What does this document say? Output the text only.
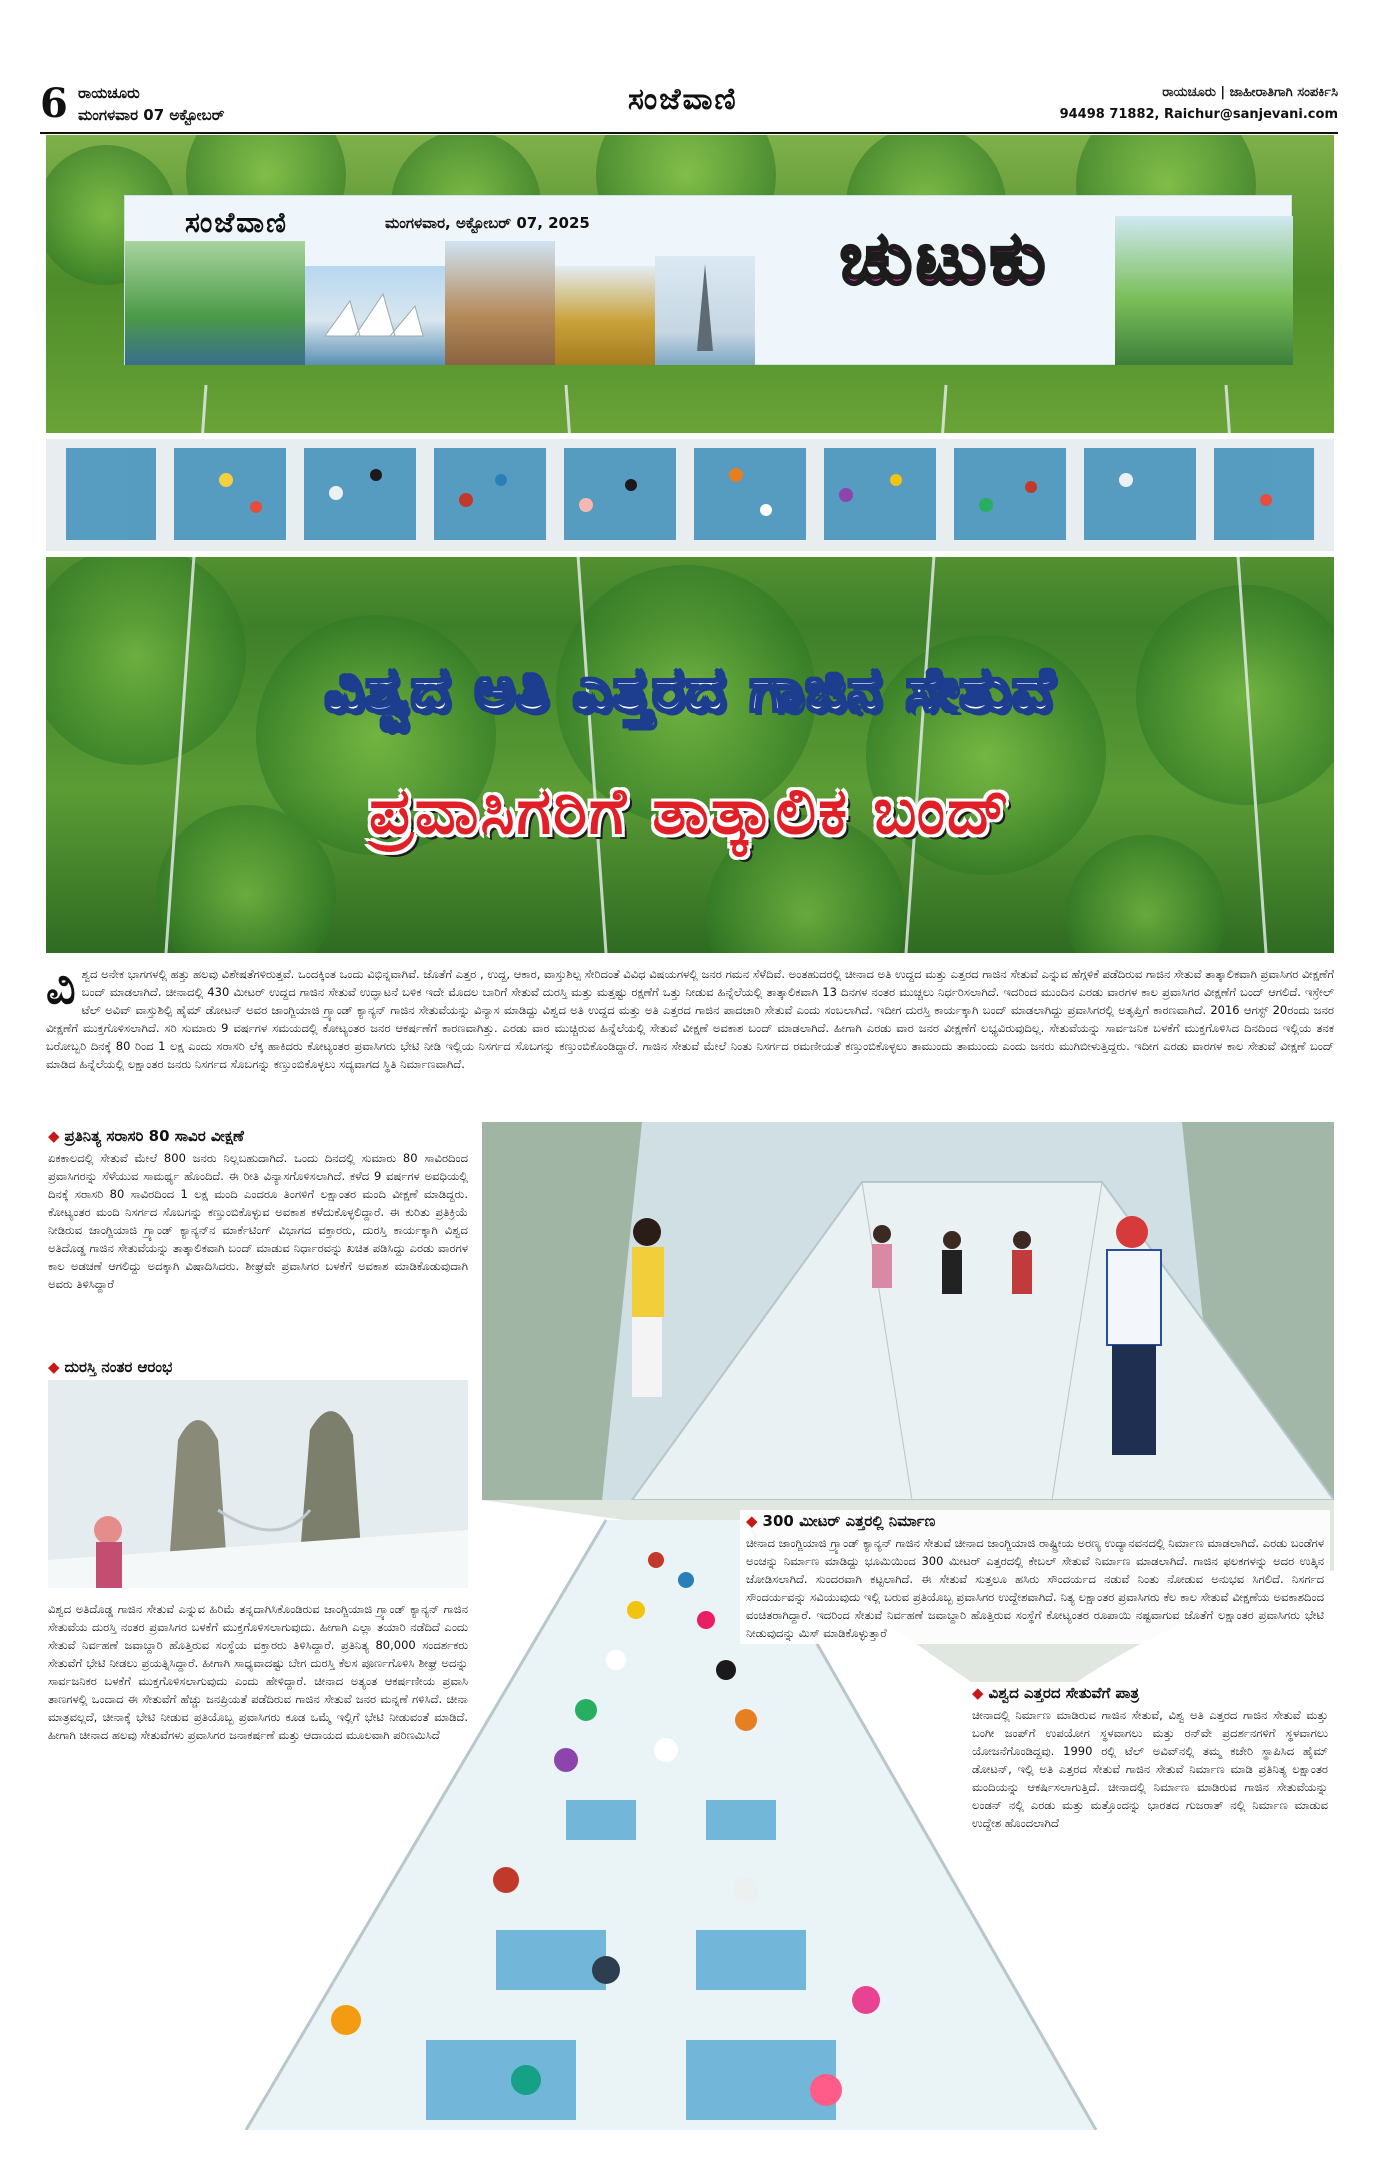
6 ರಾಯಚೂರು
ಮಂಗಳವಾರ 07 ಅಕ್ಟೋಬರ್	ಸಂಜೆವಾಣಿ	ರಾಯಚೂರು | ಜಾಹೀರಾತಿಗಾಗಿ ಸಂಪರ್ಕಿಸಿ
94498 71882, Raichur@sanjevani.com
ಸಂಜೆವಾಣಿ	ಮಂಗಳವಾರ, ಅಕ್ಟೋಬರ್ 07, 2025	ಚುಟುಕು
ವಿಶ್ವದ ಅತಿ ಎತ್ತರದ ಗಾಜಿನ ಸೇತುವೆ
ಪ್ರವಾಸಿಗರಿಗೆ ತಾತ್ಕಾಲಿಕ ಬಂದ್
ವಿ ಶ್ವದ ಅನೇಕ ಭಾಗಗಳಲ್ಲಿ ಹತ್ತು ಹಲವು ವಿಶೇಷತೆಗಳಿರುತ್ತವೆ. ಒಂದಕ್ಕಿಂತ ಒಂದು ವಿಭಿನ್ನವಾಗಿವೆ. ಜೊತೆಗೆ ಎತ್ತರ , ಉದ್ದ, ಆಕಾರ, ವಾಸ್ತುಶಿಲ್ಪ ಸೇರಿದಂತೆ ವಿವಿಧ ವಿಷಯಗಳಲ್ಲಿ ಜನರ ಗಮನ ಸೆಳೆದಿವೆ. ಅಂತಹುದರಲ್ಲಿ ಚೀನಾದ ಅತಿ ಉದ್ದದ ಮತ್ತು ಎತ್ತರದ ಗಾಜಿನ ಸೇತುವೆ ಎನ್ನುವ ಹೆಗ್ಗಳಿಕೆ ಪಡೆದಿರುವ ಗಾಜಿನ ಸೇತುವೆ ತಾತ್ಕಾಲಿಕವಾಗಿ ಪ್ರವಾಸಿಗರ ವೀಕ್ಷಣೆಗೆ ಬಂದ್ ಮಾಡಲಾಗಿದೆ. ಚೀನಾದಲ್ಲಿ 430 ಮೀಟರ್ ಉದ್ದದ ಗಾಜಿನ ಸೇತುವೆ ಉದ್ಘಾಟನೆ ಬಳಿಕ ಇದೇ ಮೊದಲ ಬಾರಿಗೆ ಸೇತುವೆ ದುರಸ್ತಿ ಮತ್ತು ಮತ್ತಷ್ಟು ರಕ್ಷಣೆಗೆ ಒತ್ತು ನೀಡುವ ಹಿನ್ನೆಲೆಯಲ್ಲಿ ತಾತ್ಕಾಲಿಕವಾಗಿ 13 ದಿನಗಳ ನಂತರ ಮುಚ್ಚಲು ನಿರ್ಧರಿಸಲಾಗಿದೆ. ಇದರಿಂದ ಮುಂದಿನ ಎರಡು ವಾರಗಳ ಕಾಲ ಪ್ರವಾಸಿಗರ ವೀಕ್ಷಣೆಗೆ ಬಂದ್ ಆಗಲಿದೆ. ಇಸ್ರೇಲ್ ಟೆಲ್ ಅವಿವ್ ವಾಸ್ತುಶಿಲ್ಪಿ ಹೈಮ್ ಡೋಟನ್ ಅವರ ಜಾಂಗ್ಜಿಯಾಜಿ ಗ್ರ್ಯಾಂಡ್ ಕ್ಯಾನ್ಯನ್ ಗಾಜಿನ ಸೇತುವೆಯನ್ನು ವಿನ್ಯಾಸ ಮಾಡಿದ್ದು ವಿಶ್ವದ ಅತಿ ಉದ್ದದ ಮತ್ತು ಅತಿ ಎತ್ತರದ ಗಾಜಿನ ಪಾದಚಾರಿ ಸೇತುವೆ ಎಂದು ಸಂಬಲಾಗಿದೆ. ಇದೀಗ ದುರಸ್ತಿ ಕಾರ್ಯಕ್ಕಾಗಿ ಬಂದ್ ಮಾಡಲಾಗಿದ್ದು ಪ್ರವಾಸಿಗರಲ್ಲಿ ಅತೃಪ್ತಿಗೆ ಕಾರಣವಾಗಿದೆ. 2016 ಆಗಸ್ಟ್ 20ರಂದು ಜನರ ವೀಕ್ಷಣೆಗೆ ಮುಕ್ತಗೊಳಿಸಲಾಗಿದೆ. ಸರಿ ಸುಮಾರು 9 ವರ್ಷಗಳ ಸಮಯದಲ್ಲಿ ಕೋಟ್ಯಂತರ ಜನರ ಆಕರ್ಷಣೆಗೆ ಕಾರಣವಾಗಿತ್ತು. ಎರಡು ವಾರ ಮುಚ್ಚಿರುವ ಹಿನ್ನೆಲೆಯಲ್ಲಿ ಸೇತುವೆ ವೀಕ್ಷಣೆ ಅವಕಾಶ ಬಂದ್ ಮಾಡಲಾಗಿದೆ. ಹೀಗಾಗಿ ಎರಡು ವಾರ ಜನರ ವೀಕ್ಷಣೆಗೆ ಲಭ್ಯವಿರುವುದಿಲ್ಲ. ಸೇತುವೆಯನ್ನು ಸಾರ್ವಜನಿಕ ಬಳಕೆಗೆ ಮುಕ್ತಗೊಳಿಸಿದ ದಿನದಿಂದ ಇಲ್ಲಿಯ ತನಕ ಬರೋಬ್ಬರಿ ದಿನಕ್ಕೆ 80 ರಿಂದ 1 ಲಕ್ಷ ಎಂದು ಸರಾಸರಿ ಲೆಕ್ಕ ಹಾಕಿದರು ಕೋಟ್ಯಂತರ ಪ್ರವಾಸಿಗರು ಭೇಟಿ ನೀಡಿ ಇಲ್ಲಿಯ ನಿಸರ್ಗದ ಸೊಬಗನ್ನು ಕಣ್ತುಂಬಿಕೊಂಡಿದ್ದಾರೆ. ಗಾಜಿನ ಸೇತುವೆ ಮೇಲೆ ನಿಂತು ನಿಸರ್ಗದ ರಮಣೀಯತೆ ಕಣ್ತುಂಬಿಕೊಳ್ಳಲು ತಾಮುಂದು ತಾಮುಂದು ಎಂದು ಜನರು ಮುಗಿಬೀಳುತ್ತಿದ್ದರು. ಇದೀಗ ಎರಡು ವಾರಗಳ ಕಾಲ ಸೇತುವೆ ವೀಕ್ಷಣೆ ಬಂದ್ ಮಾಡಿದ ಹಿನ್ನೆಲೆಯಲ್ಲಿ ಲಕ್ಷಾಂತರ ಜನರು ನಿಸರ್ಗದ ಸೊಬಗನ್ನು ಕಣ್ತುಂಬಿಕೊಳ್ಳಲು ಸದ್ಯವಾಗದ ಸ್ಥಿತಿ ನಿರ್ಮಾಣವಾಗಿದೆ.
◆ ಪ್ರತಿನಿತ್ಯ ಸರಾಸರಿ 80 ಸಾವಿರ ವೀಕ್ಷಣೆ
ಏಕಕಾಲದಲ್ಲಿ ಸೇತುವೆ ಮೇಲೆ 800 ಜನರು ನಿಲ್ಲಬಹುದಾಗಿದೆ. ಒಂದು ದಿನದಲ್ಲಿ ಸುಮಾರು 80 ಸಾವಿರದಿಂದ ಪ್ರವಾಸಿಗರನ್ನು ಸೆಳೆಯುವ ಸಾಮರ್ಥ್ಯ ಹೊಂದಿದೆ. ಈ ರೀತಿ ವಿನ್ಯಾಸಗೊಳಿಸಲಾಗಿದೆ. ಕಳೆದ 9 ವರ್ಷಗಳ ಅವಧಿಯಲ್ಲಿ ದಿನಕ್ಕೆ ಸರಾಸರಿ 80 ಸಾವಿರದಿಂದ 1 ಲಕ್ಷ ಮಂದಿ ಎಂದರೂ ತಿಂಗಳಿಗೆ ಲಕ್ಷಾಂತರ ಮಂದಿ ವೀಕ್ಷಣೆ ಮಾಡಿದ್ದರು. ಕೋಟ್ಯಂತರ ಮಂದಿ ನಿಸರ್ಗದ ಸೊಬಗನ್ನು ಕಣ್ತುಂಬಿಕೊಳ್ಳುವ ಅವಕಾಶ ಕಳೆದುಕೊಳ್ಳಲಿದ್ದಾರೆ. ಈ ಕುರಿತು ಪ್ರತಿಕ್ರಿಯೆ ನೀಡಿರುವ ಜಾಂಗ್ಜಿಯಾಜಿ ಗ್ರ್ಯಾಂಡ್ ಕ್ಯಾನ್ಯನ್‌ನ ಮಾರ್ಕೆಟಿಂಗ್ ವಿಭಾಗದ ವಕ್ತಾರರು, ದುರಸ್ತಿ ಕಾರ್ಯಕ್ಕಾಗಿ ವಿಶ್ವದ ಅತಿದೊಡ್ಡ ಗಾಜಿನ ಸೇತುವೆಯನ್ನು ತಾತ್ಕಾಲಿಕವಾಗಿ ಬಂದ್ ಮಾಡುವ ನಿರ್ಧಾರವನ್ನು ಖಚಿತ ಪಡಿಸಿದ್ದು ಎರಡು ವಾರಗಳ ಕಾಲ ಅಡಚಣೆ ಆಗಲಿದ್ದು ಅದಕ್ಕಾಗಿ ವಿಷಾದಿಸಿದರು. ಶೀಘ್ರವೇ ಪ್ರವಾಸಿಗರ ಬಳಕೆಗೆ ಅವಕಾಶ ಮಾಡಿಕೊಡುವುದಾಗಿ ಅವರು ತಿಳಿಸಿದ್ದಾರೆ
◆ ದುರಸ್ತಿ ನಂತರ ಆರಂಭ
ವಿಶ್ವದ ಅತಿದೊಡ್ಡ ಗಾಜಿನ ಸೇತುವೆ ಎನ್ನುವ ಹಿರಿಮೆ ತನ್ನದಾಗಿಸಿಕೊಂಡಿರುವ ಜಾಂಗ್ಜಿಯಾಜಿ ಗ್ರ್ಯಾಂಡ್ ಕ್ಯಾನ್ಯನ್ ಗಾಜಿನ ಸೇತುವೆಯ ದುರಸ್ತಿ ನಂತರ ಪ್ರವಾಸಿಗರ ಬಳಕೆಗೆ ಮುಕ್ತಗೊಳಿಸಲಾಗುವುದು. ಹೀಗಾಗಿ ಎಲ್ಲಾ ತಯಾರಿ ನಡೆದಿದೆ ಎಂದು ಸೇತುವೆ ನಿರ್ವಹಣೆ ಜವಾಬ್ದಾರಿ ಹೊತ್ತಿರುವ ಸಂಸ್ಥೆಯ ವಕ್ತಾರರು ತಿಳಿಸಿದ್ದಾರೆ. ಪ್ರತಿನಿತ್ಯ 80,000 ಸಂದರ್ಶಕರು ಸೇತುವೆಗೆ ಭೇಟಿ ನೀಡಲು ಪ್ರಯತ್ನಿಸಿದ್ದಾರೆ. ಹೀಗಾಗಿ ಸಾಧ್ಯವಾದಷ್ಟು ಬೇಗ ದುರಸ್ತಿ ಕೆಲಸ ಪೂರ್ಣಗೊಳಿಸಿ ಶೀಘ್ರ ಅದನ್ನು ಸಾರ್ವಜನಿಕರ ಬಳಕೆಗೆ ಮುಕ್ತಗೊಳಿಸಲಾಗುವುದು ಎಂದು ಹೇಳಿದ್ದಾರೆ. ಚೀನಾದ ಅತ್ಯಂತ ಆಕರ್ಷಣೀಯ ಪ್ರವಾಸಿ ತಾಣಗಳಲ್ಲಿ ಒಂದಾದ ಈ ಸೇತುವೆಗೆ ಹೆಚ್ಚು ಜನಪ್ರಿಯತೆ ಪಡೆದಿರುವ ಗಾಜಿನ ಸೇತುವೆ ಜನರ ಮನ್ನಣೆ ಗಳಿಸಿದೆ. ಚೀನಾ ಮಾತ್ರವಲ್ಲದೆ, ಚೀನಾಕ್ಕೆ ಭೇಟಿ ನೀಡುವ ಪ್ರತಿಯೊಬ್ಬ ಪ್ರವಾಸಿಗರು ಕೂಡ ಒಮ್ಮೆ ಇಲ್ಲಿಗೆ ಭೇಟಿ ನೀಡುವಂತೆ ಮಾಡಿದೆ. ಹೀಗಾಗಿ ಚೀನಾದ ಹಲವು ಸೇತುವೆಗಳು ಪ್ರವಾಸಿಗರ ಜನಾಕರ್ಷಣೆ ಮತ್ತು ಆದಾಯದ ಮೂಲವಾಗಿ ಪರಿಣಮಿಸಿದೆ
◆ 300 ಮೀಟರ್ ಎತ್ತರಲ್ಲಿ ನಿರ್ಮಾಣ
ಚೀನಾದ ಜಾಂಗ್ಜಿಯಾಜಿ ಗ್ರ್ಯಾಂಡ್ ಕ್ಯಾನ್ಯನ್ ಗಾಜಿನ ಸೇತುವೆ ಚೀನಾದ ಜಾಂಗ್ಜಿಯಾಜಿ ರಾಷ್ಟ್ರೀಯ ಅರಣ್ಯ ಉದ್ಯಾನವನದಲ್ಲಿ ನಿರ್ಮಾಣ ಮಾಡಲಾಗಿದೆ. ಎರಡು ಬಂಡೆಗಳ ಅಂಚನ್ನು ನಿರ್ಮಾಣ ಮಾಡಿದ್ದು ಭೂಮಿಯಿಂದ 300 ಮೀಟರ್ ಎತ್ತರದಲ್ಲಿ ಕೇಬಲ್ ಸೇತುವೆ ನಿರ್ಮಾಣ ಮಾಡಲಾಗಿದೆ. ಗಾಜಿನ ಫಲಕಗಳನ್ನು ಅದರ ಉತ್ಕಿನ ಜೋಡಿಸಲಾಗಿದೆ. ಸುಂದರವಾಗಿ ಕಟ್ಟಲಾಗಿದೆ. ಈ ಸೇತುವೆ ಸುತ್ತಲೂ ಹಸಿರು ಸೌಂದರ್ಯದ ನಡುವೆ ನಿಂತು ನೋಡುವ ಅನುಭವ ಸಿಗಲಿದೆ. ನಿಸರ್ಗದ ಸೌಂದರ್ಯವನ್ನು ಸವಿಯುವುದು ಇಲ್ಲಿ ಬರುವ ಪ್ರತಿಯೊಬ್ಬ ಪ್ರವಾಸಿಗರ ಉದ್ದೇಶವಾಗಿದೆ. ನಿತ್ಯ ಲಕ್ಷಾಂತರ ಪ್ರವಾಸಿಗರು ಕೆಲ ಕಾಲ ಸೇತುವೆ ವೀಕ್ಷಣೆಯ ಅವಕಾಶದಿಂದ ವಂಚಿತರಾಗಿದ್ದಾರೆ. ಇದರಿಂದ ಸೇತುವೆ ನಿರ್ವಹಣೆ ಜವಾಬ್ದಾರಿ ಹೊತ್ತಿರುವ ಸಂಸ್ಥೆಗೆ ಕೋಟ್ಯಂತರ ರೂಪಾಯಿ ನಷ್ಟವಾಗುವ ಜೊತೆಗೆ ಲಕ್ಷಾಂತರ ಪ್ರವಾಸಿಗರು ಭೇಟಿ ನೀಡುವುದನ್ನು ಮಿಸ್ ಮಾಡಿಕೊಳ್ಳುತ್ತಾರೆ
◆ ವಿಶ್ವದ ಎತ್ತರದ ಸೇತುವೆಗೆ ಪಾತ್ರ
ಚೀನಾದಲ್ಲಿ ನಿರ್ಮಾಣ ಮಾಡಿರುವ ಗಾಜಿನ ಸೇತುವೆ, ವಿಶ್ವ ಅತಿ ಎತ್ತರದ ಗಾಜಿನ ಸೇತುವೆ ಮತ್ತು ಬಂಗೀ ಜಂಪ್‌ಗೆ ಉಪಯೋಗ ಸ್ಥಳವಾಗಲು ಮತ್ತು ರನ್‌ವೇ ಪ್ರದರ್ಶನಗಳಿಗೆ ಸ್ಥಳವಾಗಲು ಯೋಜನೆಗೊಂಡಿದ್ದವು. 1990 ರಲ್ಲಿ ಟೆಲ್ ಅವಿವ್‌ನಲ್ಲಿ ತಮ್ಮ ಕಚೇರಿ ಸ್ಥಾಪಿಸಿದ ಹೈಮ್ ಡೋಟನ್, ಇಲ್ಲಿ ಅತಿ ಎತ್ತರದ ಸೇತುವೆ ಗಾಜಿನ ಸೇತುವೆ ನಿರ್ಮಾಣ ಮಾಡಿ ಪ್ರತಿನಿತ್ಯ ಲಕ್ಷಾಂತರ ಮಂದಿಯನ್ನು ಆಕರ್ಷಿಸಲಾಗುತ್ತಿದೆ. ಚೀನಾದಲ್ಲಿ ನಿರ್ಮಾಣ ಮಾಡಿರುವ ಗಾಜಿನ ಸೇತುವೆಯನ್ನು ಲಂಡನ್ ನಲ್ಲಿ ಎರಡು ಮತ್ತು ಮತ್ತೊಂದನ್ನು ಭಾರತದ ಗುಜರಾತ್ ನಲ್ಲಿ ನಿರ್ಮಾಣ ಮಾಡುವ ಉದ್ದೇಶ ಹೊಂದಲಾಗಿದೆ
